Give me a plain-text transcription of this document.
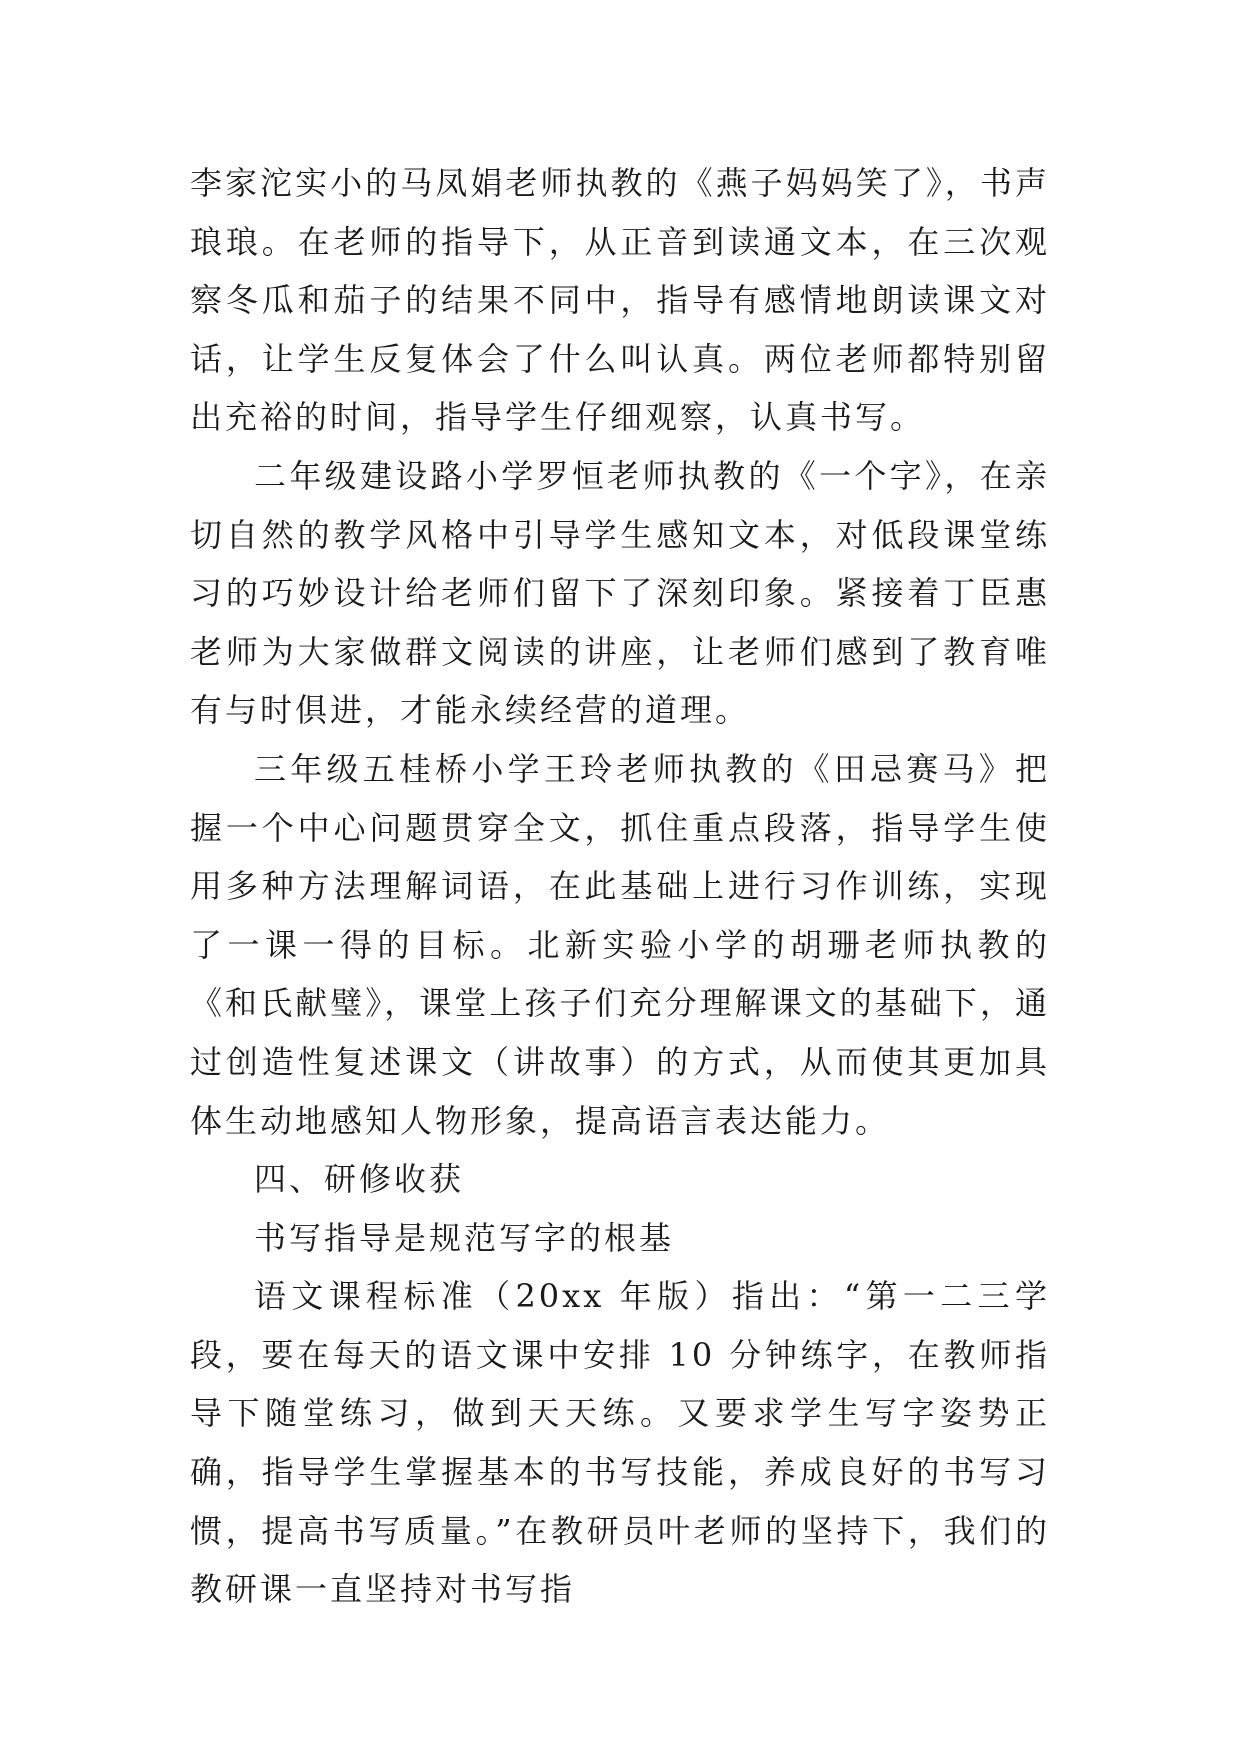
李家沱实小的马凤娟老师执教的《燕子妈妈笑了》，书声琅琅。在老师的指导下，从正音到读通文本，在三次观察冬瓜和茄子的结果不同中，指导有感情地朗读课文对话，让学生反复体会了什么叫认真。两位老师都特别留出充裕的时间，指导学生仔细观察，认真书写。

二年级建设路小学罗恒老师执教的《一个字》，在亲切自然的教学风格中引导学生感知文本，对低段课堂练习的巧妙设计给老师们留下了深刻印象。紧接着丁臣惠老师为大家做群文阅读的讲座，让老师们感到了教育唯有与时俱进，才能永续经营的道理。

三年级五桂桥小学王玲老师执教的《田忌赛马》把握一个中心问题贯穿全文，抓住重点段落，指导学生使用多种方法理解词语，在此基础上进行习作训练，实现了一课一得的目标。北新实验小学的胡珊老师执教的《和氏献璧》，课堂上孩子们充分理解课文的基础下，通过创造性复述课文（讲故事）的方式，从而使其更加具体生动地感知人物形象，提高语言表达能力。

四、研修收获

书写指导是规范写字的根基

语文课程标准（20xx 年版）指出：“第一二三学段，要在每天的语文课中安排 10 分钟练字，在教师指导下随堂练习，做到天天练。又要求学生写字姿势正确，指导学生掌握基本的书写技能，养成良好的书写习惯，提高书写质量。”在教研员叶老师的坚持下，我们的教研课一直坚持对书写指
